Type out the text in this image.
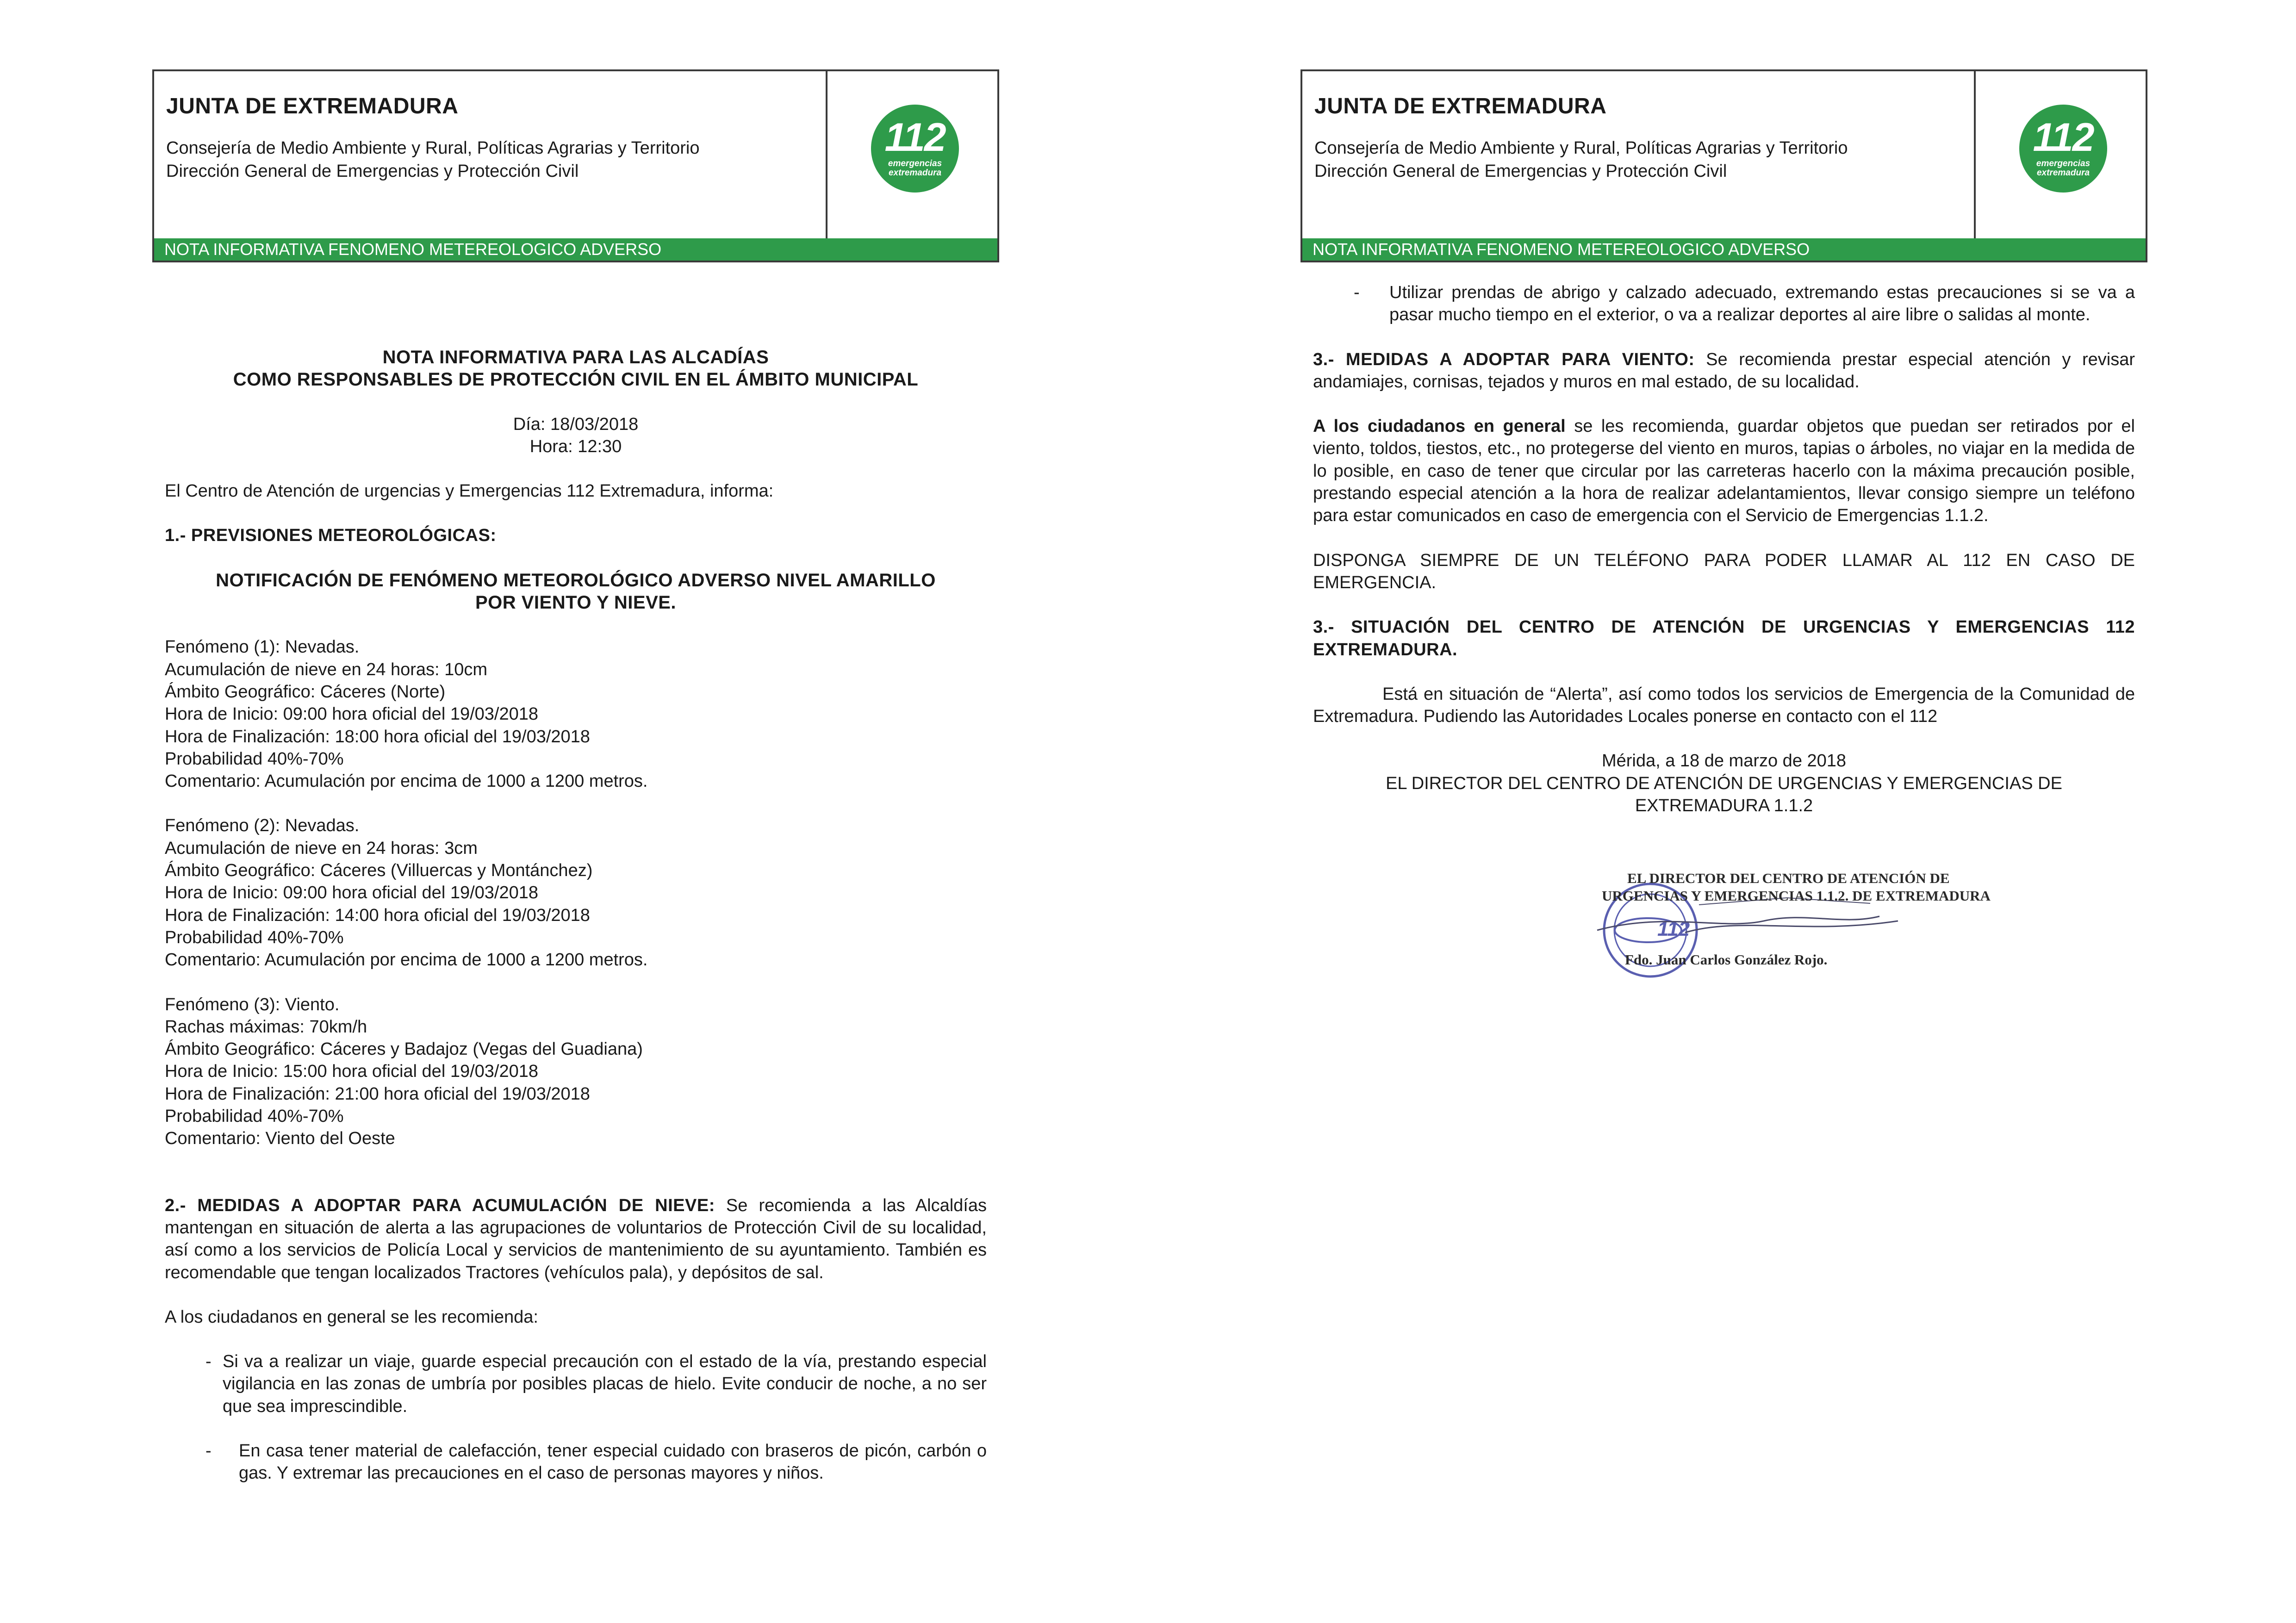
JUNTA DE EXTREMADURA
Consejería de Medio Ambiente y Rural, Políticas Agrarias y Territorio
Dirección General de Emergencias y Protección Civil
112
emergencias
extremadura
NOTA INFORMATIVA FENOMENO METEREOLOGICO ADVERSO

NOTA INFORMATIVA PARA LAS ALCADÍAS

COMO RESPONSABLES DE PROTECCIÓN CIVIL EN EL ÁMBITO MUNICIPAL

Día: 18/03/2018

Hora: 12:30

El Centro de Atención de urgencias y Emergencias 112 Extremadura, informa:

1.- PREVISIONES METEOROLÓGICAS:

NOTIFICACIÓN DE FENÓMENO METEOROLÓGICO ADVERSO NIVEL AMARILLO

POR VIENTO Y NIEVE.

Fenómeno (1): Nevadas.

Acumulación de nieve en 24 horas: 10cm

Ámbito Geográfico: Cáceres (Norte)

Hora de Inicio: 09:00 hora oficial del 19/03/2018

Hora de Finalización: 18:00 hora oficial del 19/03/2018

Probabilidad 40%-70%

Comentario: Acumulación por encima de 1000 a 1200 metros.

Fenómeno (2): Nevadas.

Acumulación de nieve en 24 horas: 3cm

Ámbito Geográfico: Cáceres (Villuercas y Montánchez)

Hora de Inicio: 09:00 hora oficial del 19/03/2018

Hora de Finalización: 14:00 hora oficial del 19/03/2018

Probabilidad 40%-70%

Comentario: Acumulación por encima de 1000 a 1200 metros.

Fenómeno (3): Viento.

Rachas máximas: 70km/h

Ámbito Geográfico: Cáceres y Badajoz (Vegas del Guadiana)

Hora de Inicio: 15:00 hora oficial del 19/03/2018

Hora de Finalización: 21:00 hora oficial del 19/03/2018

Probabilidad 40%-70%

Comentario: Viento del Oeste

2.- MEDIDAS A ADOPTAR PARA ACUMULACIÓN DE NIEVE: Se recomienda a las Alcaldías mantengan en situación de alerta a las agrupaciones de voluntarios de Protección Civil de su localidad, así como a los servicios de Policía Local y servicios de mantenimiento de su ayuntamiento. También es recomendable que tengan localizados Tractores (vehículos pala), y depósitos de sal.

A los ciudadanos en general se les recomienda:

- Si va a realizar un viaje, guarde especial precaución con el estado de la vía, prestando especial vigilancia en las zonas de umbría por posibles placas de hielo. Evite conducir de noche, a no ser que sea imprescindible.
- En casa tener material de calefacción, tener especial cuidado con braseros de picón, carbón o gas. Y extremar las precauciones en el caso de personas mayores y niños.
JUNTA DE EXTREMADURA
Consejería de Medio Ambiente y Rural, Políticas Agrarias y Territorio
Dirección General de Emergencias y Protección Civil
112
emergencias
extremadura
NOTA INFORMATIVA FENOMENO METEREOLOGICO ADVERSO
- Utilizar prendas de abrigo y calzado adecuado, extremando estas precauciones si se va a pasar mucho tiempo en el exterior, o va a realizar deportes al aire libre o salidas al monte.

3.- MEDIDAS A ADOPTAR PARA VIENTO: Se recomienda prestar especial atención y revisar andamiajes, cornisas, tejados y muros en mal estado, de su localidad.

A los ciudadanos en general se les recomienda, guardar objetos que puedan ser retirados por el viento, toldos, tiestos, etc., no protegerse del viento en muros, tapias o árboles, no viajar en la medida de lo posible, en caso de tener que circular por las carreteras hacerlo con la máxima precaución posible, prestando especial atención a la hora de realizar adelantamientos, llevar consigo siempre un teléfono para estar comunicados en caso de emergencia con el Servicio de Emergencias 1.1.2.

DISPONGA SIEMPRE DE UN TELÉFONO PARA PODER LLAMAR AL 112 EN CASO DE EMERGENCIA.

3.- SITUACIÓN DEL CENTRO DE ATENCIÓN DE URGENCIAS Y EMERGENCIAS 112 EXTREMADURA.

Está en situación de “Alerta”, así como todos los servicios de Emergencia de la Comunidad de Extremadura. Pudiendo las Autoridades Locales ponerse en contacto con el 112

Mérida, a 18 de marzo de 2018

EL DIRECTOR DEL CENTRO DE ATENCIÓN DE URGENCIAS Y EMERGENCIAS DE

EXTREMADURA 1.1.2

112
EL DIRECTOR DEL CENTRO DE ATENCIÓN DE
URGENCIAS Y EMERGENCIAS 1.1.2. DE EXTREMADURA
Fdo. Juan Carlos González Rojo.
